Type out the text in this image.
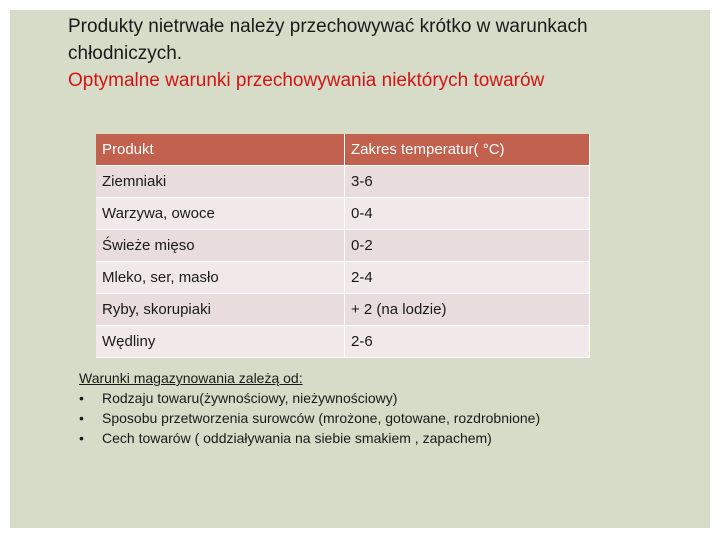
Produkty nietrwałe należy przechowywać krótko w warunkach chłodniczych.
Optymalne warunki przechowywania niektórych towarów
Produkt	Zakres temperatur( °C)
Ziemniaki	3-6
Warzywa, owoce	0-4
Świeże mięso	0-2
Mleko, ser, masło	2-4
Ryby, skorupiaki	+ 2 (na lodzie)
Wędliny	2-6
Warunki magazynowania zależą od:
• Rodzaju towaru(żywnościowy, nieżywnościowy)
• Sposobu przetworzenia surowców (mrożone, gotowane, rozdrobnione)
• Cech towarów ( oddziaływania na siebie smakiem , zapachem)
